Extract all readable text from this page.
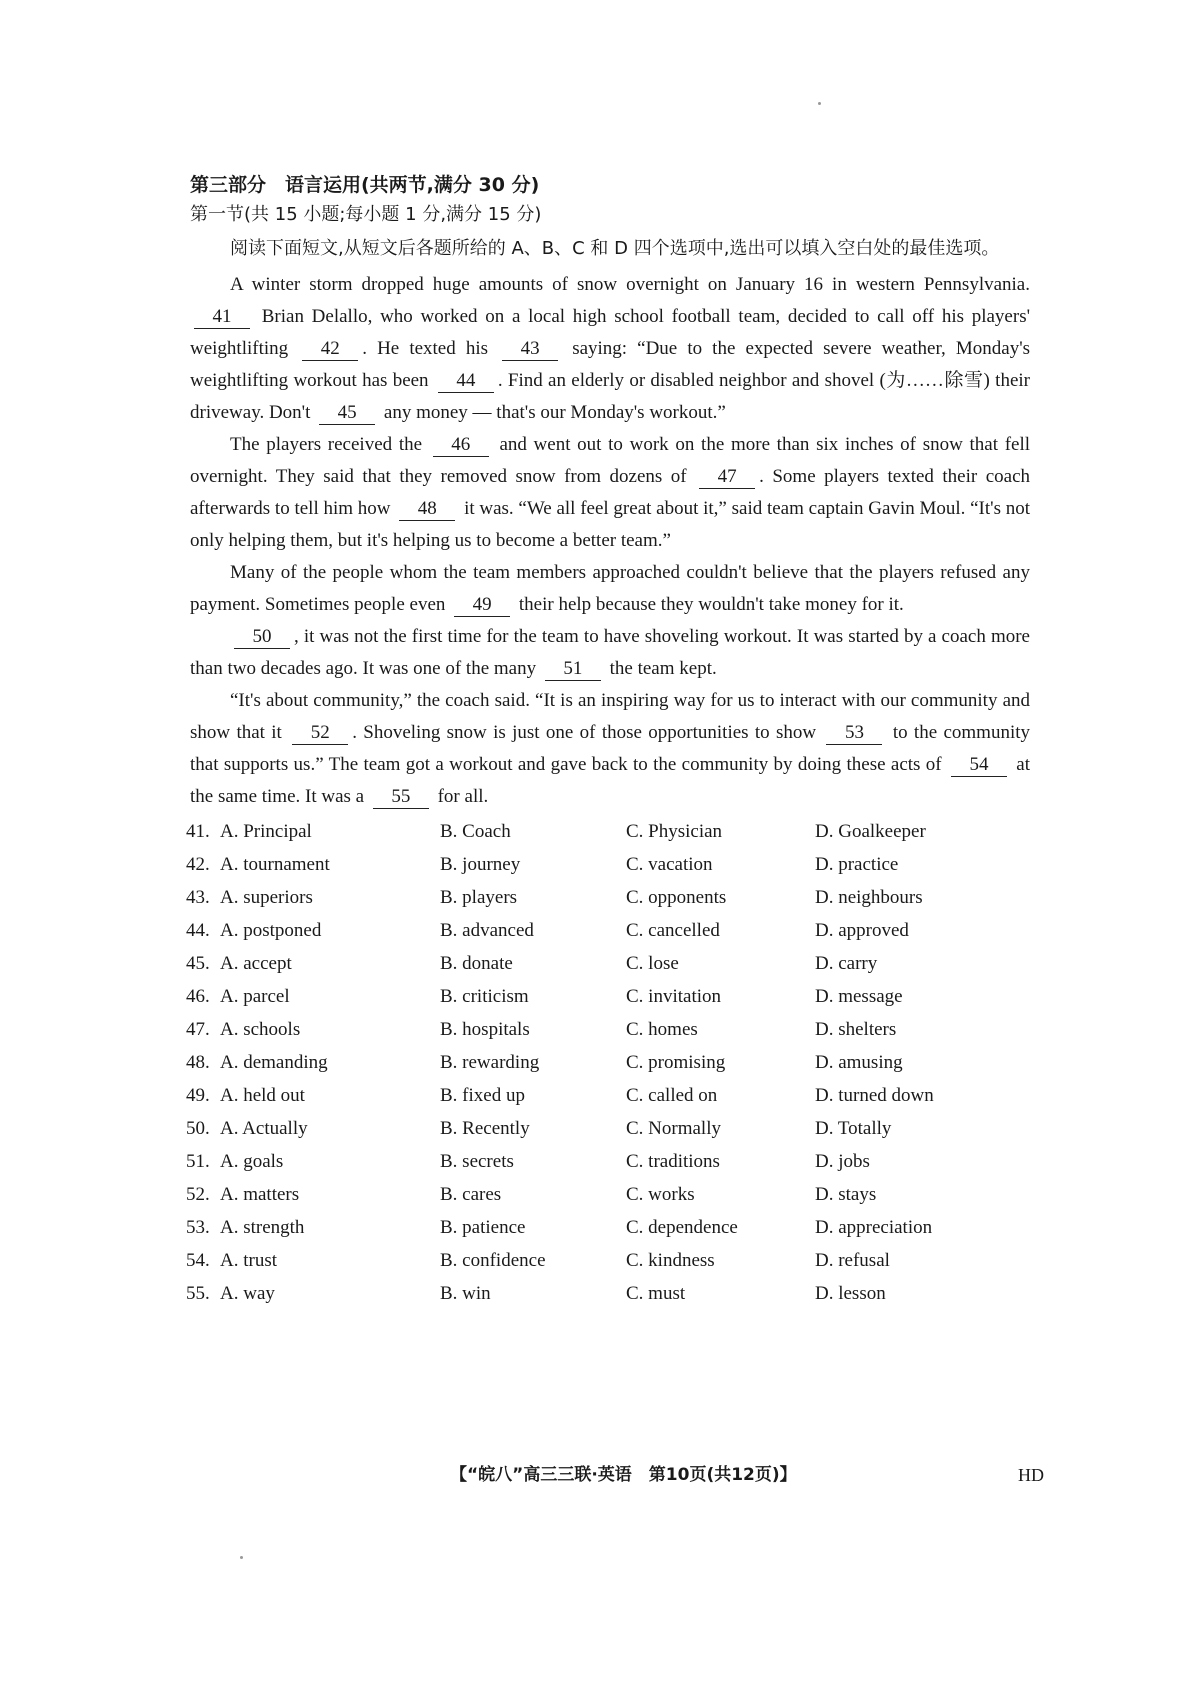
第三部分　语言运用(共两节,满分 30 分)
第一节(共 15 小题;每小题 1 分,满分 15 分)
阅读下面短文,从短文后各题所给的 A、B、C 和 D 四个选项中,选出可以填入空白处的最佳选项。

A winter storm dropped huge amounts of snow overnight on January 16 in western Pennsylvania. 41 Brian Delallo, who worked on a local high school football team, decided to call off his players' weightlifting 42 . He texted his 43 saying: “Due to the expected severe weather, Monday's weightlifting workout has been 44 . Find an elderly or disabled neighbor and shovel (为……除雪) their driveway. Don't 45 any money — that's our Monday's workout.”

The players received the 46 and went out to work on the more than six inches of snow that fell overnight. They said that they removed snow from dozens of 47 . Some players texted their coach afterwards to tell him how 48 it was. “We all feel great about it,” said team captain Gavin Moul. “It's not only helping them, but it's helping us to become a better team.”

Many of the people whom the team members approached couldn't believe that the players refused any payment. Sometimes people even 49 their help because they wouldn't take money for it.

50 , it was not the first time for the team to have shoveling workout. It was started by a coach more than two decades ago. It was one of the many 51 the team kept.

“It's about community,” the coach said. “It is an inspiring way for us to interact with our community and show that it 52 . Shoveling snow is just one of those opportunities to show 53 to the community that supports us.” The team got a workout and gave back to the community by doing these acts of 54 at the same time. It was a 55 for all.

41. A. Principal	B. Coach	C. Physician	D. Goalkeeper
42. A. tournament	B. journey	C. vacation	D. practice
43. A. superiors	B. players	C. opponents	D. neighbours
44. A. postponed	B. advanced	C. cancelled	D. approved
45. A. accept	B. donate	C. lose	D. carry
46. A. parcel	B. criticism	C. invitation	D. message
47. A. schools	B. hospitals	C. homes	D. shelters
48. A. demanding	B. rewarding	C. promising	D. amusing
49. A. held out	B. fixed up	C. called on	D. turned down
50. A. Actually	B. Recently	C. Normally	D. Totally
51. A. goals	B. secrets	C. traditions	D. jobs
52. A. matters	B. cares	C. works	D. stays
53. A. strength	B. patience	C. dependence	D. appreciation
54. A. trust	B. confidence	C. kindness	D. refusal
55. A. way	B. win	C. must	D. lesson
【“皖八”高三三联·英语　第10页(共12页)】	HD
